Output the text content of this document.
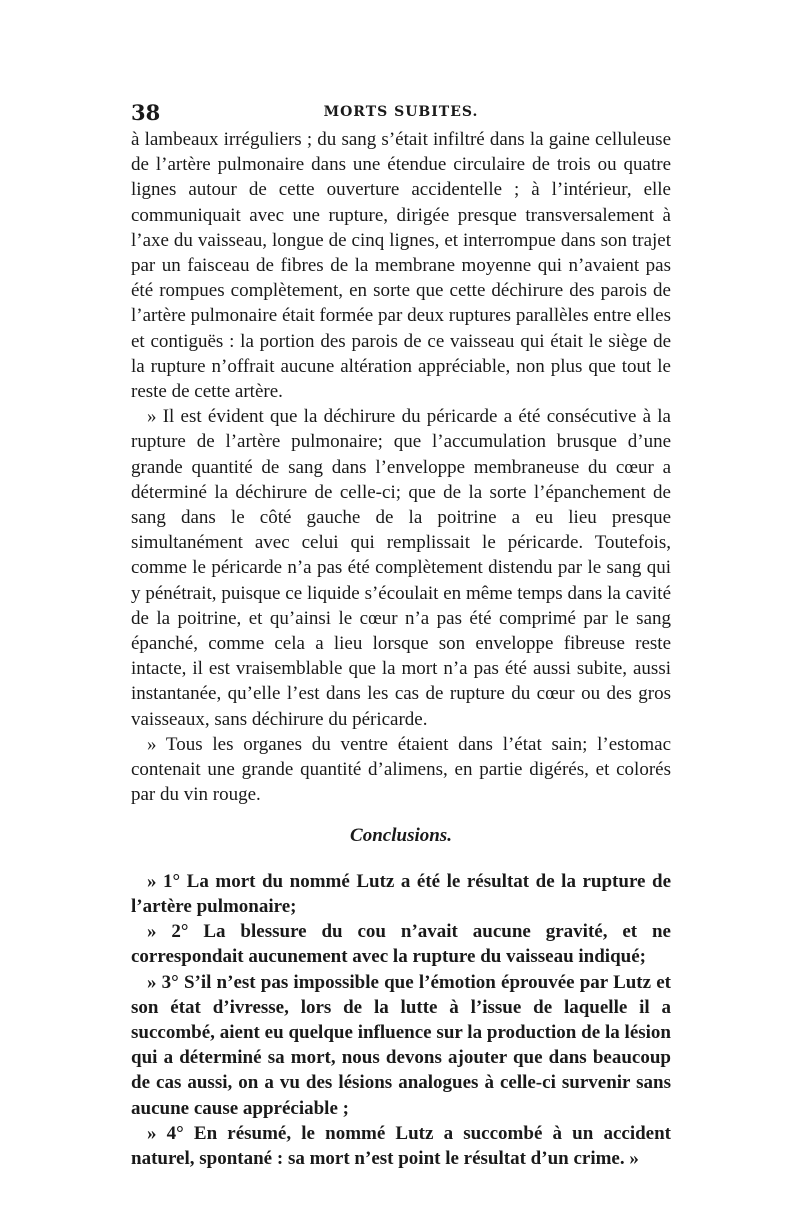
38	MORTS SUBITES.

à lambeaux irréguliers ; du sang s’était infiltré dans la gaine celluleuse de l’artère pulmonaire dans une étendue circulaire de trois ou quatre lignes autour de cette ouverture accidentelle ; à l’intérieur, elle communiquait avec une rupture, dirigée presque transversalement à l’axe du vaisseau, longue de cinq lignes, et interrompue dans son trajet par un faisceau de fibres de la membrane moyenne qui n’avaient pas été rompues complètement, en sorte que cette déchirure des parois de l’artère pulmonaire était formée par deux ruptures parallèles entre elles et contiguës : la portion des parois de ce vaisseau qui était le siège de la rupture n’offrait aucune altération appréciable, non plus que tout le reste de cette artère.

» Il est évident que la déchirure du péricarde a été consécutive à la rupture de l’artère pulmonaire; que l’accumulation brusque d’une grande quantité de sang dans l’enveloppe membraneuse du cœur a déterminé la déchirure de celle-ci; que de la sorte l’épanchement de sang dans le côté gauche de la poitrine a eu lieu presque simultanément avec celui qui remplissait le péricarde. Toutefois, comme le péricarde n’a pas été complètement distendu par le sang qui y pénétrait, puisque ce liquide s’écoulait en même temps dans la cavité de la poitrine, et qu’ainsi le cœur n’a pas été comprimé par le sang épanché, comme cela a lieu lorsque son enveloppe fibreuse reste intacte, il est vraisemblable que la mort n’a pas été aussi subite, aussi instantanée, qu’elle l’est dans les cas de rupture du cœur ou des gros vaisseaux, sans déchirure du péricarde.

» Tous les organes du ventre étaient dans l’état sain; l’estomac contenait une grande quantité d’alimens, en partie digérés, et colorés par du vin rouge.

Conclusions.

» 1° La mort du nommé Lutz a été le résultat de la rupture de l’artère pulmonaire;

» 2° La blessure du cou n’avait aucune gravité, et ne correspondait aucunement avec la rupture du vaisseau indiqué;

» 3° S’il n’est pas impossible que l’émotion éprouvée par Lutz et son état d’ivresse, lors de la lutte à l’issue de laquelle il a succombé, aient eu quelque influence sur la production de la lésion qui a déterminé sa mort, nous devons ajouter que dans beaucoup de cas aussi, on a vu des lésions analogues à celle-ci survenir sans aucune cause appréciable ;

» 4° En résumé, le nommé Lutz a succombé à un accident naturel, spontané : sa mort n’est point le résultat d’un crime. »
